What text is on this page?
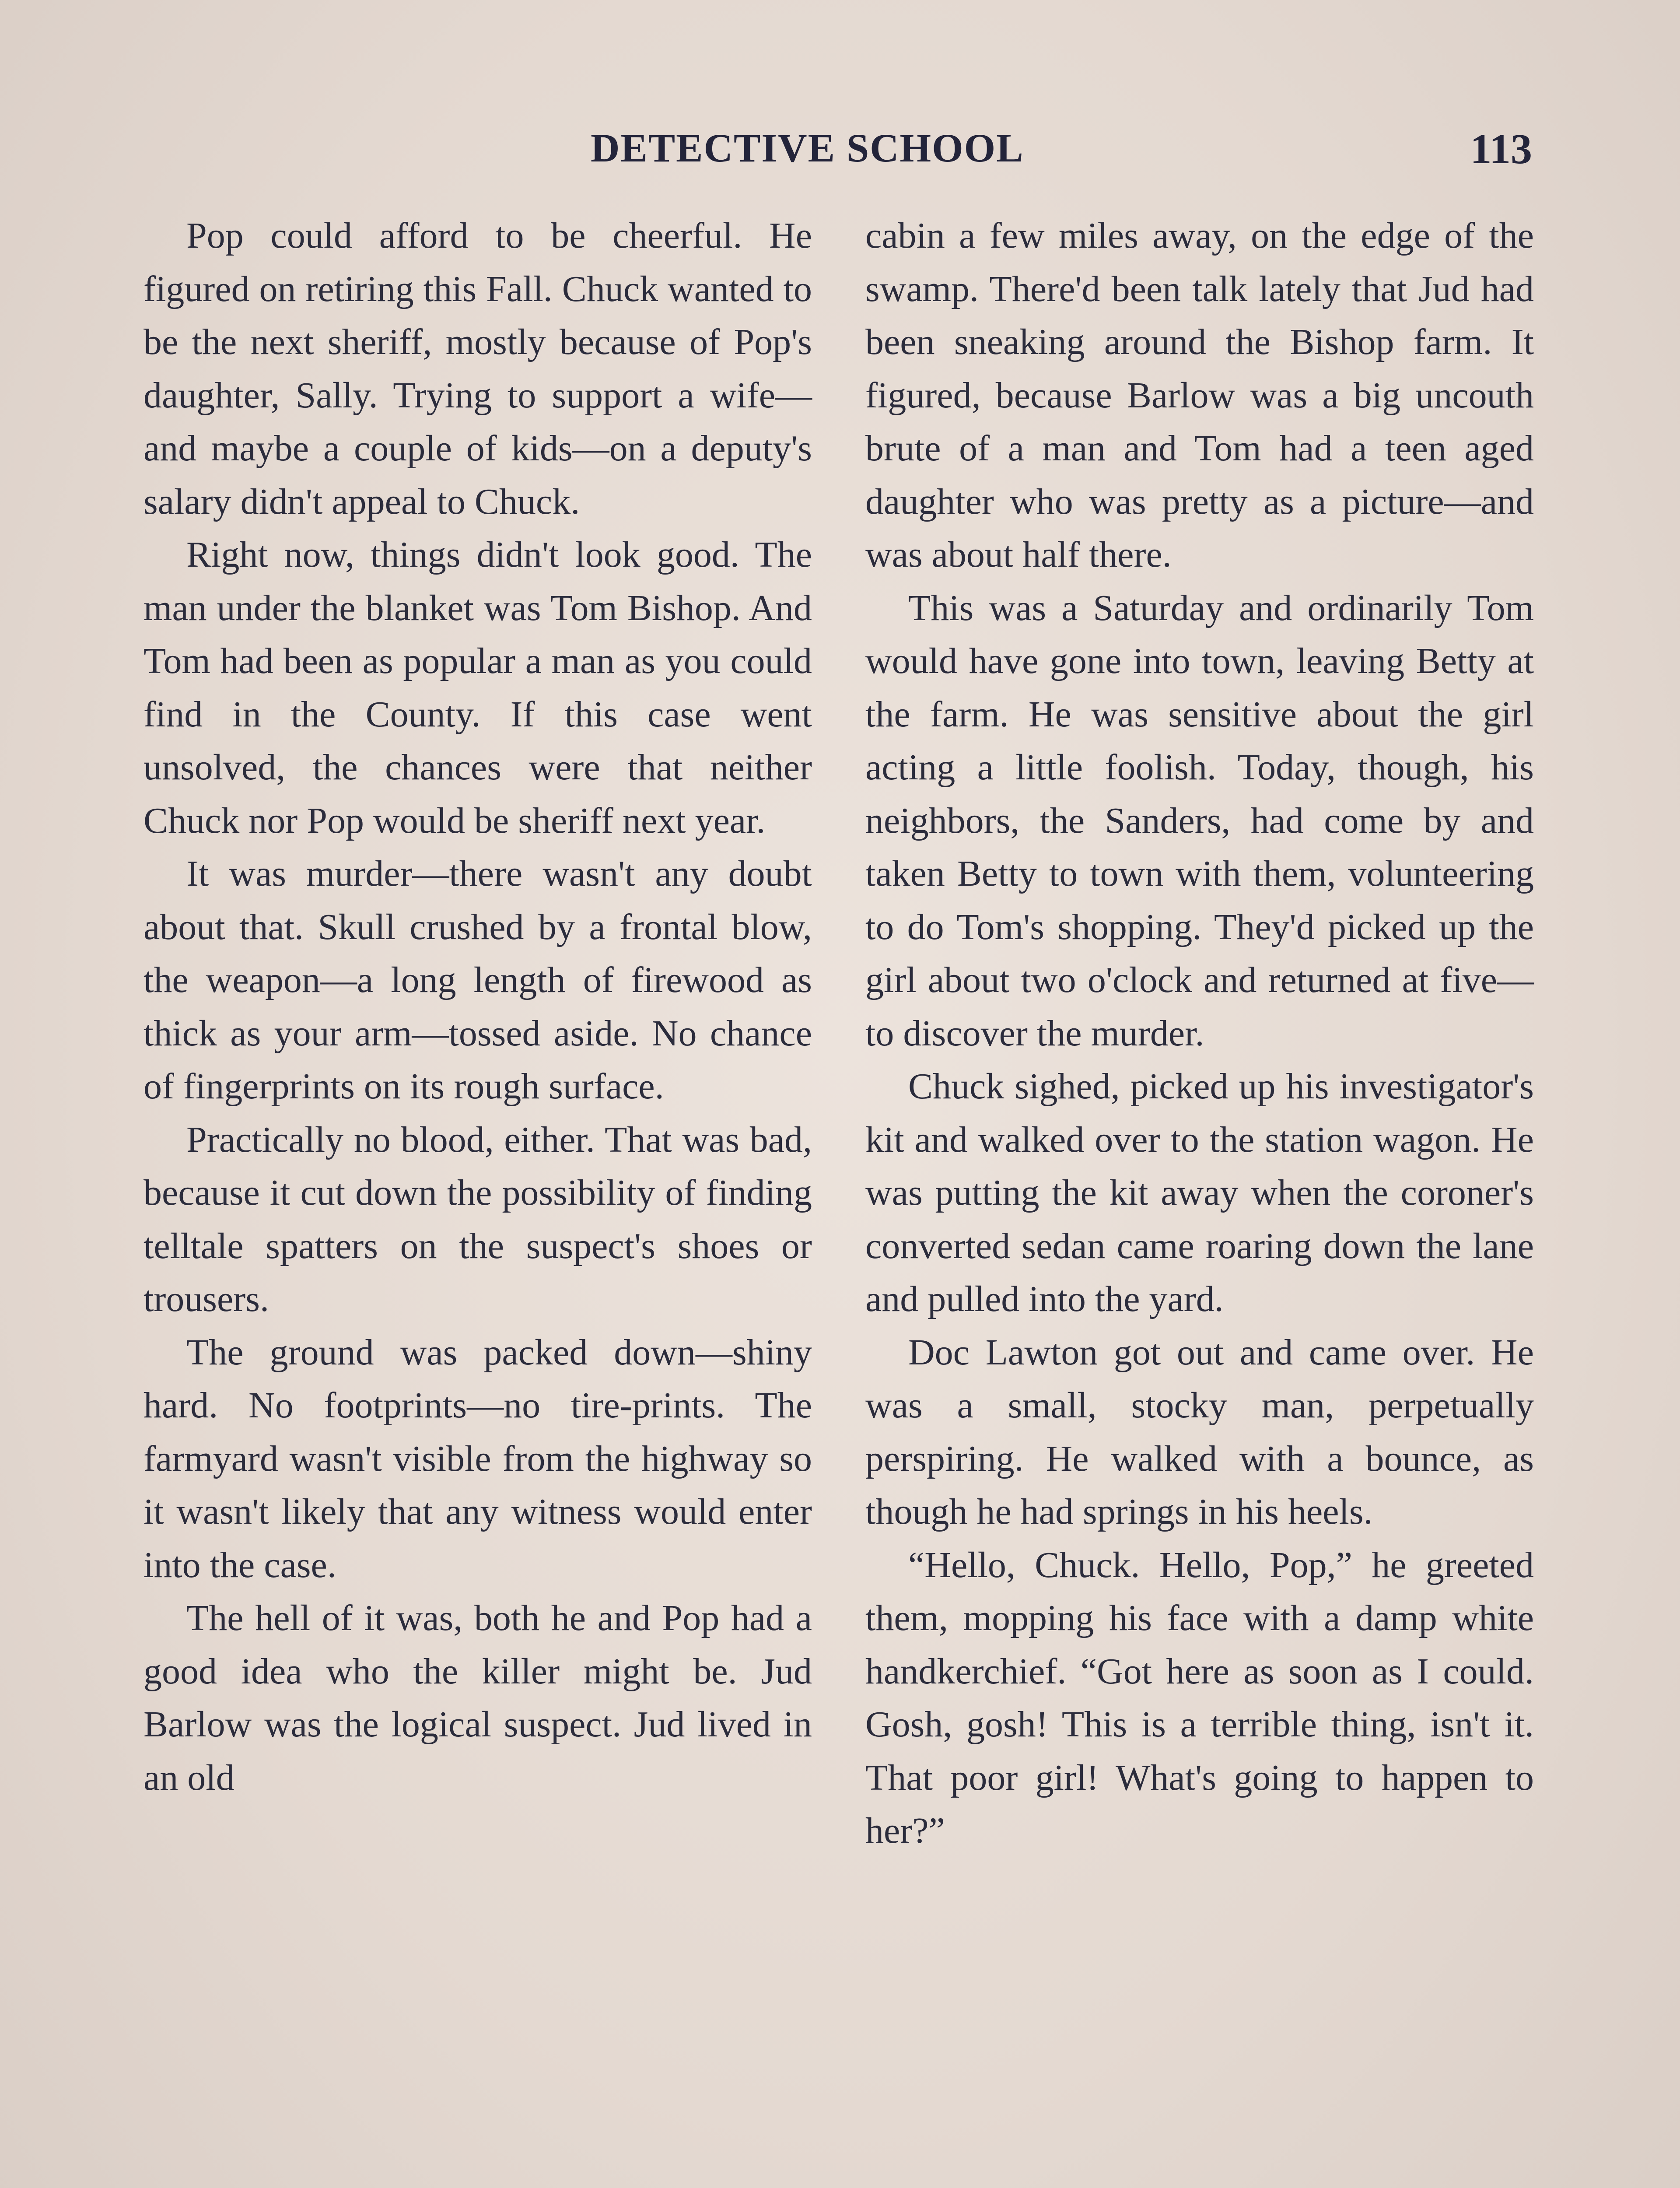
DETECTIVE SCHOOL	113

Pop could afford to be cheerful. He figured on retiring this Fall. Chuck wanted to be the next sheriff, mostly because of Pop's daughter, Sally. Trying to support a wife—and maybe a couple of kids—on a deputy's salary didn't appeal to Chuck.

Right now, things didn't look good. The man under the blanket was Tom Bishop. And Tom had been as popular a man as you could find in the County. If this case went unsolved, the chances were that neither Chuck nor Pop would be sheriff next year.

It was murder—there wasn't any doubt about that. Skull crushed by a frontal blow, the weapon—a long length of firewood as thick as your arm—tossed aside. No chance of fingerprints on its rough surface.

Practically no blood, either. That was bad, because it cut down the possibility of finding telltale spatters on the suspect's shoes or trousers.

The ground was packed down—shiny hard. No footprints—no tire-prints. The farmyard wasn't visible from the highway so it wasn't likely that any witness would enter into the case.

The hell of it was, both he and Pop had a good idea who the killer might be. Jud Barlow was the logical suspect. Jud lived in an old

cabin a few miles away, on the edge of the swamp. There'd been talk lately that Jud had been sneaking around the Bishop farm. It figured, because Barlow was a big uncouth brute of a man and Tom had a teen aged daughter who was pretty as a picture—and was about half there.

This was a Saturday and ordinarily Tom would have gone into town, leaving Betty at the farm. He was sensitive about the girl acting a little foolish. Today, though, his neighbors, the Sanders, had come by and taken Betty to town with them, volunteering to do Tom's shopping. They'd picked up the girl about two o'clock and returned at five—to discover the murder.

Chuck sighed, picked up his investigator's kit and walked over to the station wagon. He was putting the kit away when the coroner's converted sedan came roaring down the lane and pulled into the yard.

Doc Lawton got out and came over. He was a small, stocky man, perpetually perspiring. He walked with a bounce, as though he had springs in his heels.

“Hello, Chuck. Hello, Pop,” he greeted them, mopping his face with a damp white handkerchief. “Got here as soon as I could. Gosh, gosh! This is a terrible thing, isn't it. That poor girl! What's going to happen to her?”
